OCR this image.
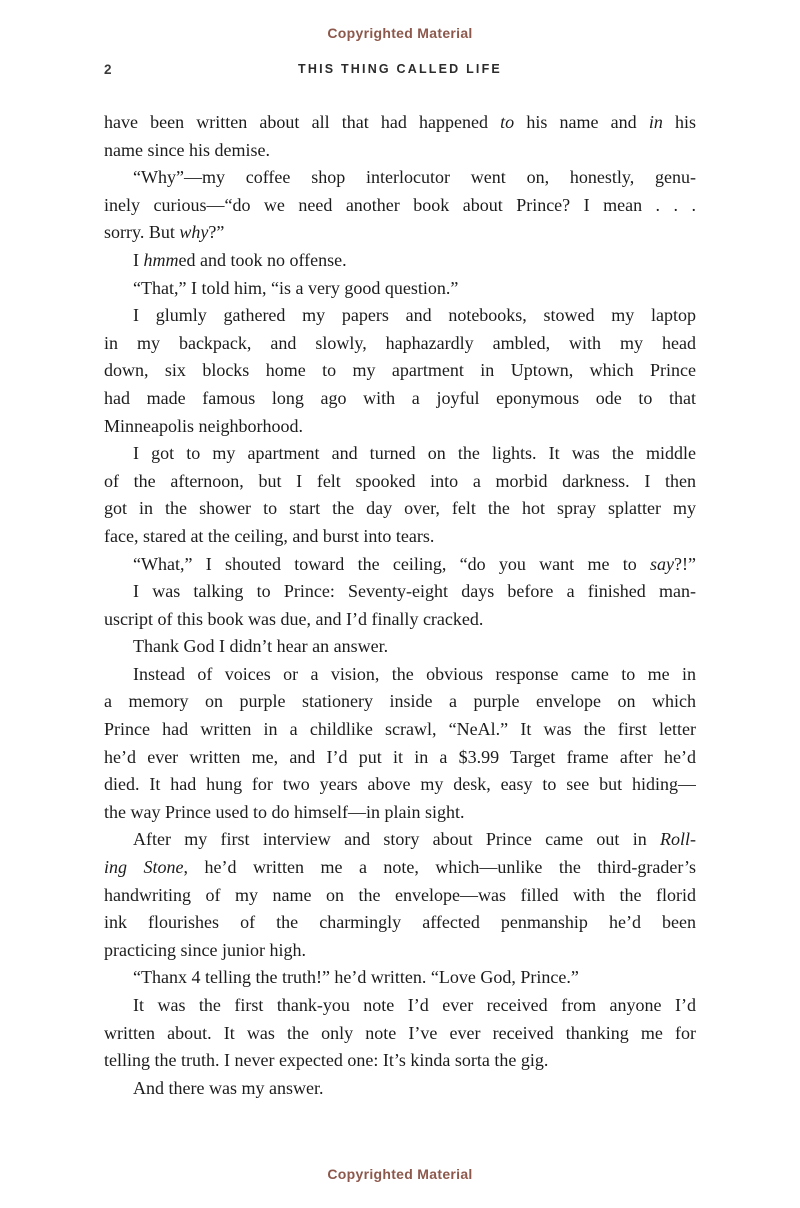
Copyrighted Material
2	THIS THING CALLED LIFE
have been written about all that had happened to his name and in his
name since his demise.
“Why”—my coffee shop interlocutor went on, honestly, genu-
inely curious—“do we need another book about Prince? I mean . . .
sorry. But why?”
I hmmed and took no offense.
“That,” I told him, “is a very good question.”
I glumly gathered my papers and notebooks, stowed my laptop
in my backpack, and slowly, haphazardly ambled, with my head
down, six blocks home to my apartment in Uptown, which Prince
had made famous long ago with a joyful eponymous ode to that
Minneapolis neighborhood.
I got to my apartment and turned on the lights. It was the middle
of the afternoon, but I felt spooked into a morbid darkness. I then
got in the shower to start the day over, felt the hot spray splatter my
face, stared at the ceiling, and burst into tears.
“What,” I shouted toward the ceiling, “do you want me to say?!”
I was talking to Prince: Seventy-eight days before a finished man-
uscript of this book was due, and I’d finally cracked.
Thank God I didn’t hear an answer.
Instead of voices or a vision, the obvious response came to me in
a memory on purple stationery inside a purple envelope on which
Prince had written in a childlike scrawl, “NeAl.” It was the first letter
he’d ever written me, and I’d put it in a $3.99 Target frame after he’d
died. It had hung for two years above my desk, easy to see but hiding—
the way Prince used to do himself—in plain sight.
After my first interview and story about Prince came out in Roll-
ing Stone, he’d written me a note, which—unlike the third-grader’s
handwriting of my name on the envelope—was filled with the florid
ink flourishes of the charmingly affected penmanship he’d been
practicing since junior high.
“Thanx 4 telling the truth!” he’d written. “Love God, Prince.”
It was the first thank-you note I’d ever received from anyone I’d
written about. It was the only note I’ve ever received thanking me for
telling the truth. I never expected one: It’s kinda sorta the gig.
And there was my answer.
Copyrighted Material
